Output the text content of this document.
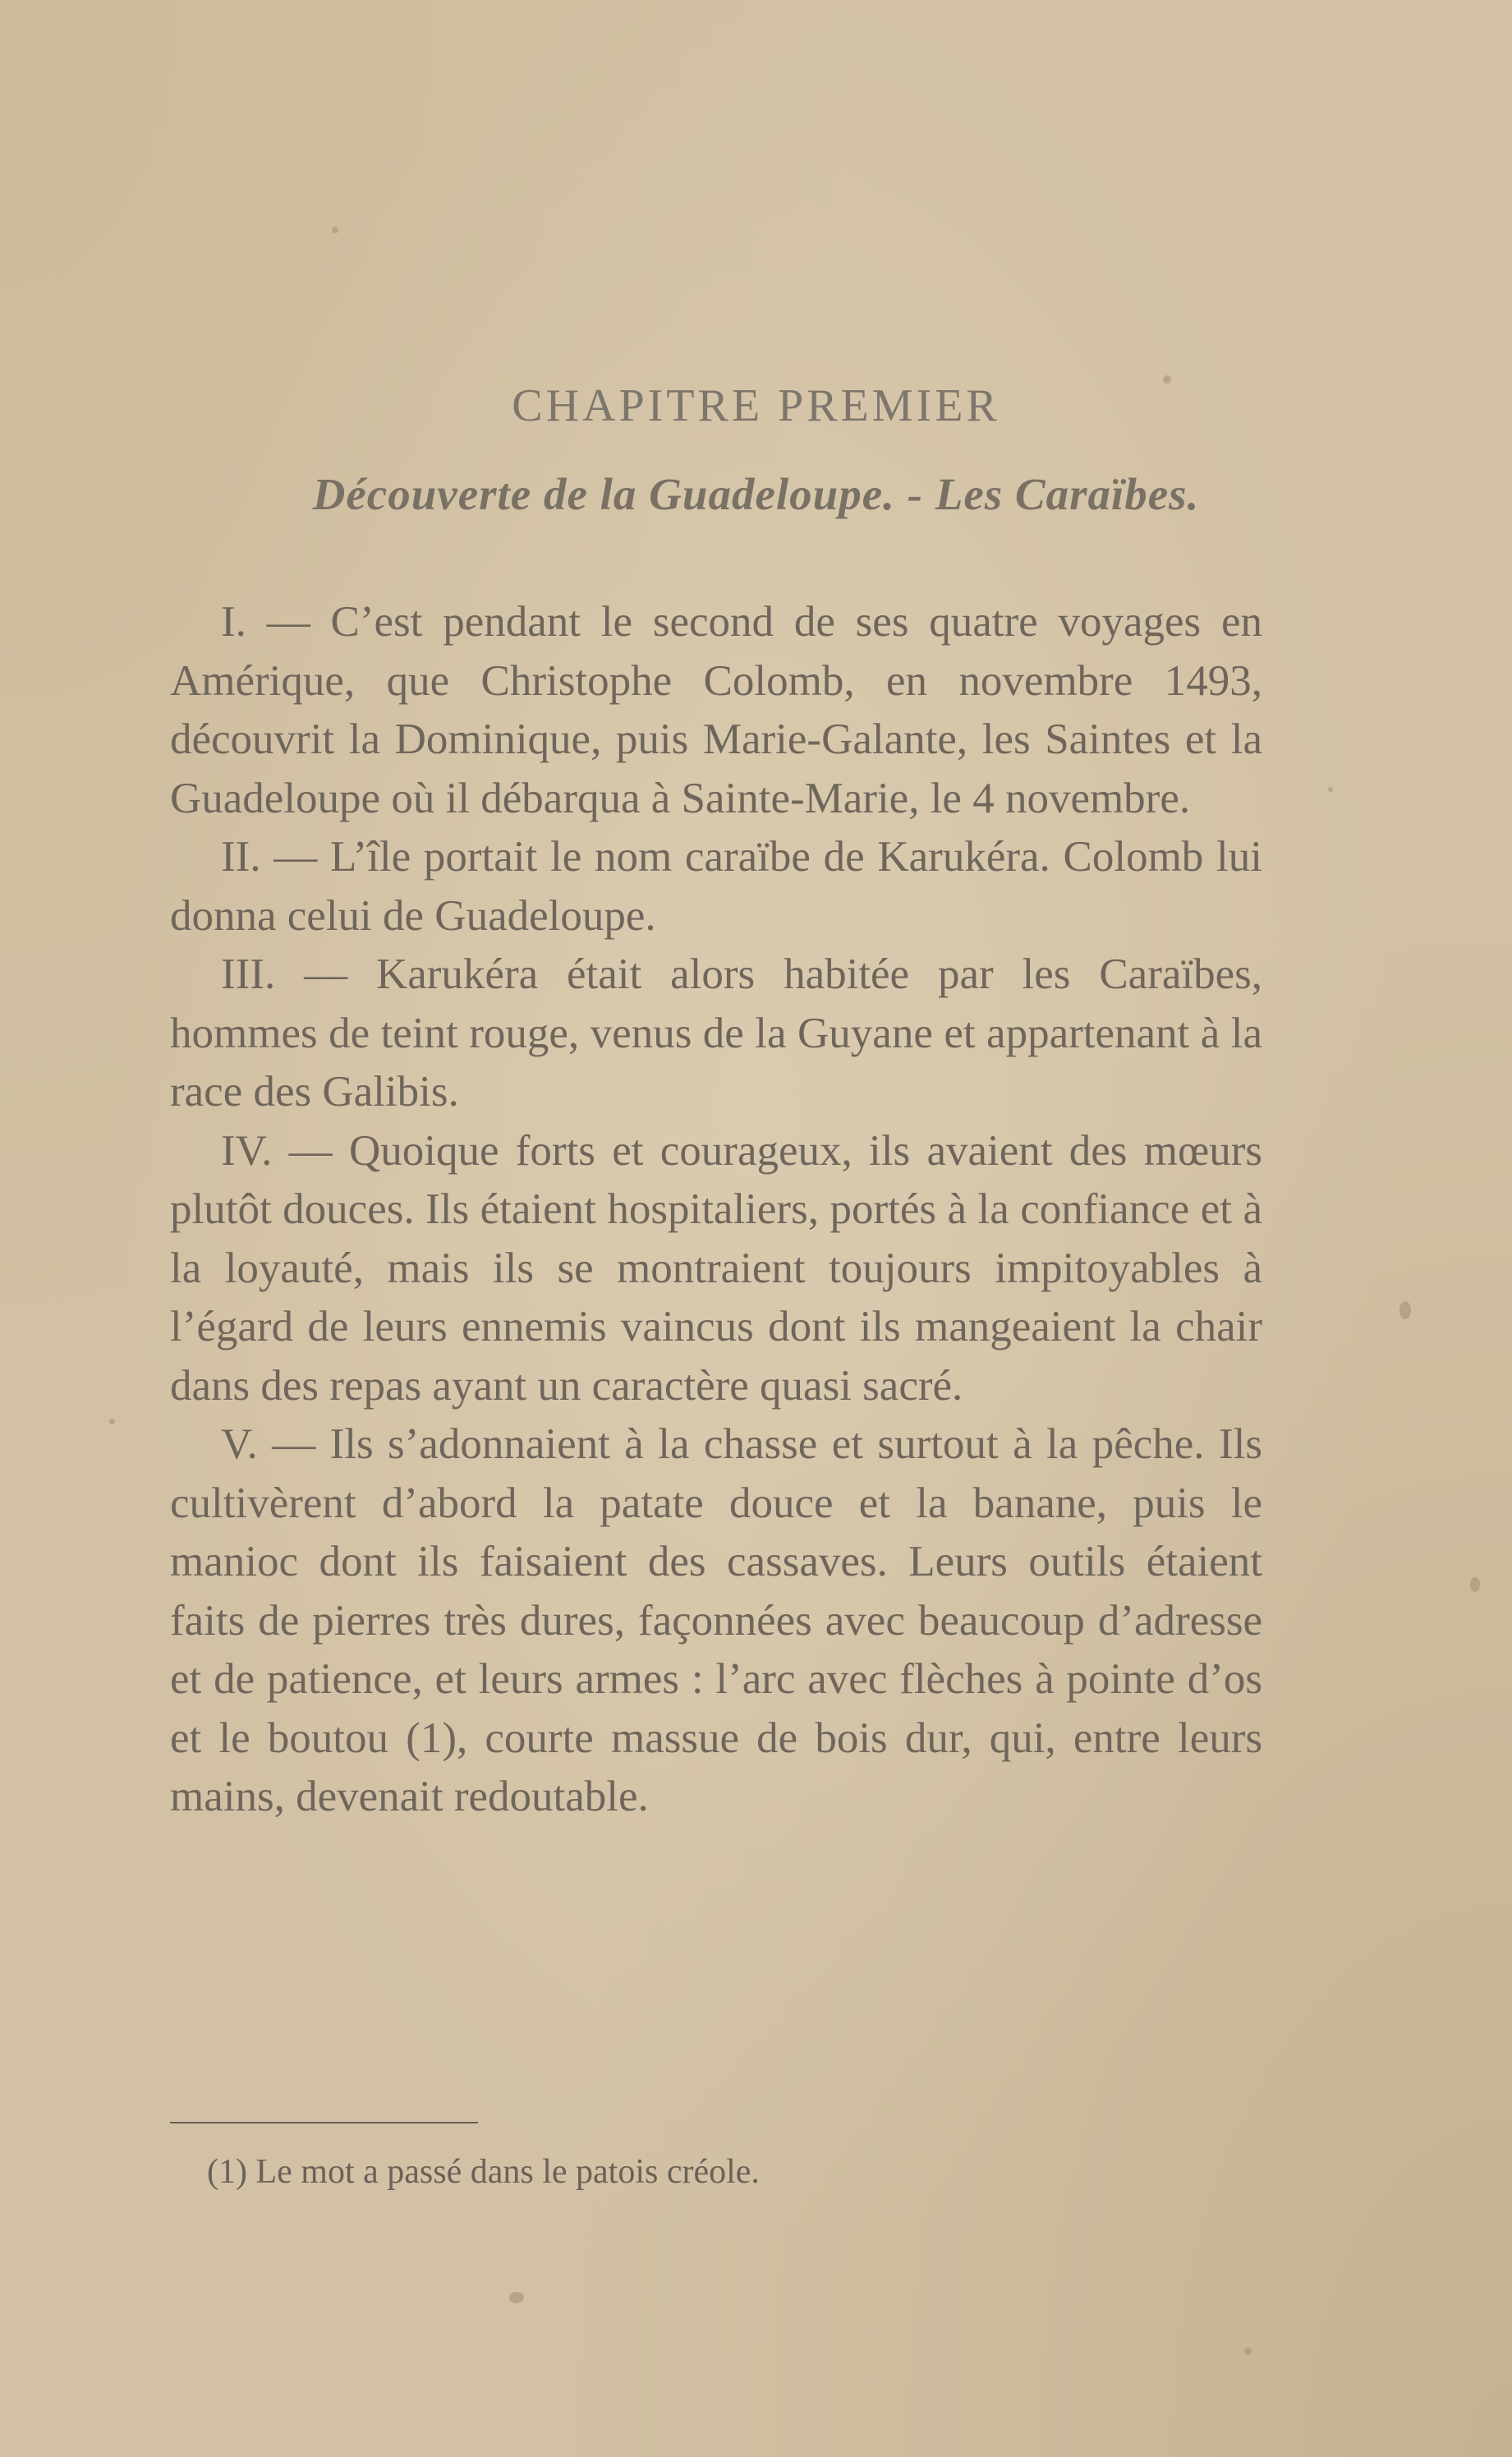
CHAPITRE PREMIER
Découverte de la Guadeloupe. - Les Caraïbes.

I. — C’est pendant le second de ses quatre voyages en Amérique, que Christophe Colomb, en novembre 1493, découvrit la Dominique, puis Marie-Galante, les Saintes et la Guadeloupe où il débarqua à Sainte-Marie, le 4 novembre.

II. — L’île portait le nom caraïbe de Karukéra. Colomb lui donna celui de Guadeloupe.

III. — Karukéra était alors habitée par les Caraïbes, hommes de teint rouge, venus de la Guyane et appartenant à la race des Galibis.

IV. — Quoique forts et courageux, ils avaient des mœurs plutôt douces. Ils étaient hospitaliers, portés à la confiance et à la loyauté, mais ils se montraient toujours impitoyables à l’égard de leurs ennemis vaincus dont ils mangeaient la chair dans des repas ayant un caractère quasi sacré.

V. — Ils s’adonnaient à la chasse et surtout à la pêche. Ils cultivèrent d’abord la patate douce et la banane, puis le manioc dont ils faisaient des cassaves. Leurs outils étaient faits de pierres très dures, façonnées avec beaucoup d’adresse et de patience, et leurs armes : l’arc avec flèches à pointe d’os et le boutou (1), courte massue de bois dur, qui, entre leurs mains, devenait redoutable.

(1) Le mot a passé dans le patois créole.
